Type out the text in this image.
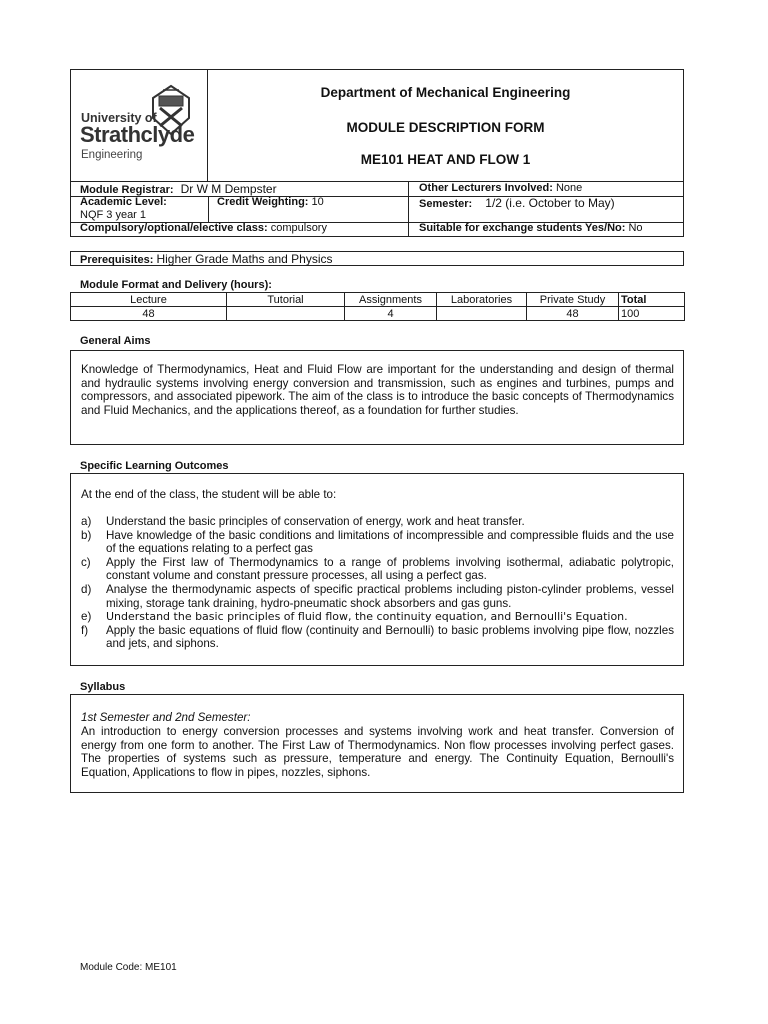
University of
Strathclyde
Engineering
Department of Mechanical Engineering
MODULE DESCRIPTION FORM
ME101 HEAT AND FLOW 1
Module Registrar: Dr W M Dempster	Other Lecturers Involved: None
Academic Level:
NQF 3 year 1
Credit Weighting: 10	Semester: 1/2 (i.e. October to May)
Compulsory/optional/elective class: compulsory	Suitable for exchange students Yes/No: No
Prerequisites: Higher Grade Maths and Physics
Module Format and Delivery (hours):
Lecture	Tutorial	Assignments	Laboratories	Private Study	Total
48		4		48	100
General Aims
Knowledge of Thermodynamics, Heat and Fluid Flow are important for the understanding and design of thermal and hydraulic systems involving energy conversion and transmission, such as engines and turbines, pumps and compressors, and associated pipework. The aim of the class is to introduce the basic concepts of Thermodynamics and Fluid Mechanics, and the applications thereof, as a foundation for further studies.
Specific Learning Outcomes
At the end of the class, the student will be able to:
a)	Understand the basic principles of conservation of energy, work and heat transfer.
b)	Have knowledge of the basic conditions and limitations of incompressible and compressible fluids and the use of the equations relating to a perfect gas
c)	Apply the First law of Thermodynamics to a range of problems involving isothermal, adiabatic polytropic, constant volume and constant pressure processes, all using a perfect gas.
d)	Analyse the thermodynamic aspects of specific practical problems including piston-cylinder problems, vessel mixing, storage tank draining, hydro-pneumatic shock absorbers and gas guns.
e)	Understand the basic principles of fluid flow, the continuity equation, and Bernoulli's Equation.
f)	Apply the basic equations of fluid flow (continuity and Bernoulli) to basic problems involving pipe flow, nozzles and jets, and siphons.
Syllabus
1st Semester and 2nd Semester:
An introduction to energy conversion processes and systems involving work and heat transfer. Conversion of energy from one form to another. The First Law of Thermodynamics. Non flow processes involving perfect gases. The properties of systems such as pressure, temperature and energy. The Continuity Equation, Bernoulli's Equation, Applications to flow in pipes, nozzles, siphons.
Module Code: ME101
